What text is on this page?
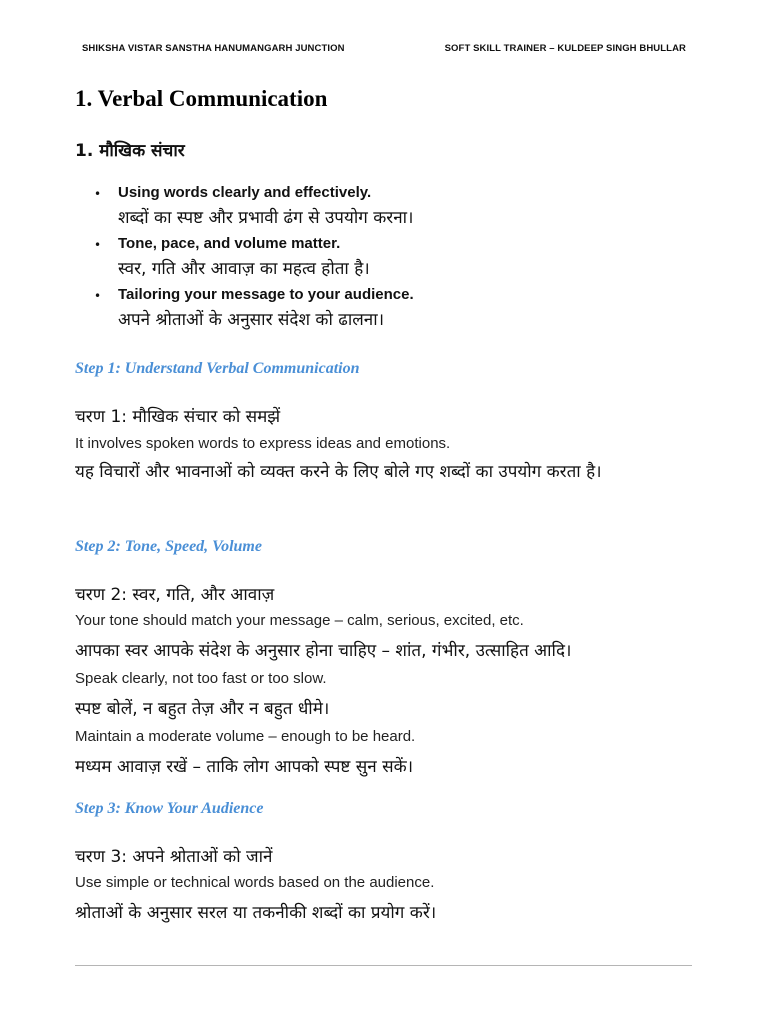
SHIKSHA VISTAR SANSTHA HANUMANGARH JUNCTION	SOFT SKILL TRAINER – KULDEEP SINGH BHULLAR
1. Verbal Communication
1. मौखिक संचार
• Using words clearly and effectively.
शब्दों का स्पष्ट और प्रभावी ढंग से उपयोग करना।
• Tone, pace, and volume matter.
स्वर, गति और आवाज़ का महत्व होता है।
• Tailoring your message to your audience.
अपने श्रोताओं के अनुसार संदेश को ढालना।

Step 1: Understand Verbal Communication

चरण 1: मौखिक संचार को समझें

It involves spoken words to express ideas and emotions.

यह विचारों और भावनाओं को व्यक्त करने के लिए बोले गए शब्दों का उपयोग करता है।

Step 2: Tone, Speed, Volume

चरण 2: स्वर, गति, और आवाज़

Your tone should match your message – calm, serious, excited, etc.

आपका स्वर आपके संदेश के अनुसार होना चाहिए – शांत, गंभीर, उत्साहित आदि।

Speak clearly, not too fast or too slow.

स्पष्ट बोलें, न बहुत तेज़ और न बहुत धीमे।

Maintain a moderate volume – enough to be heard.

मध्यम आवाज़ रखें – ताकि लोग आपको स्पष्ट सुन सकें।

Step 3: Know Your Audience

चरण 3: अपने श्रोताओं को जानें

Use simple or technical words based on the audience.

श्रोताओं के अनुसार सरल या तकनीकी शब्दों का प्रयोग करें।
